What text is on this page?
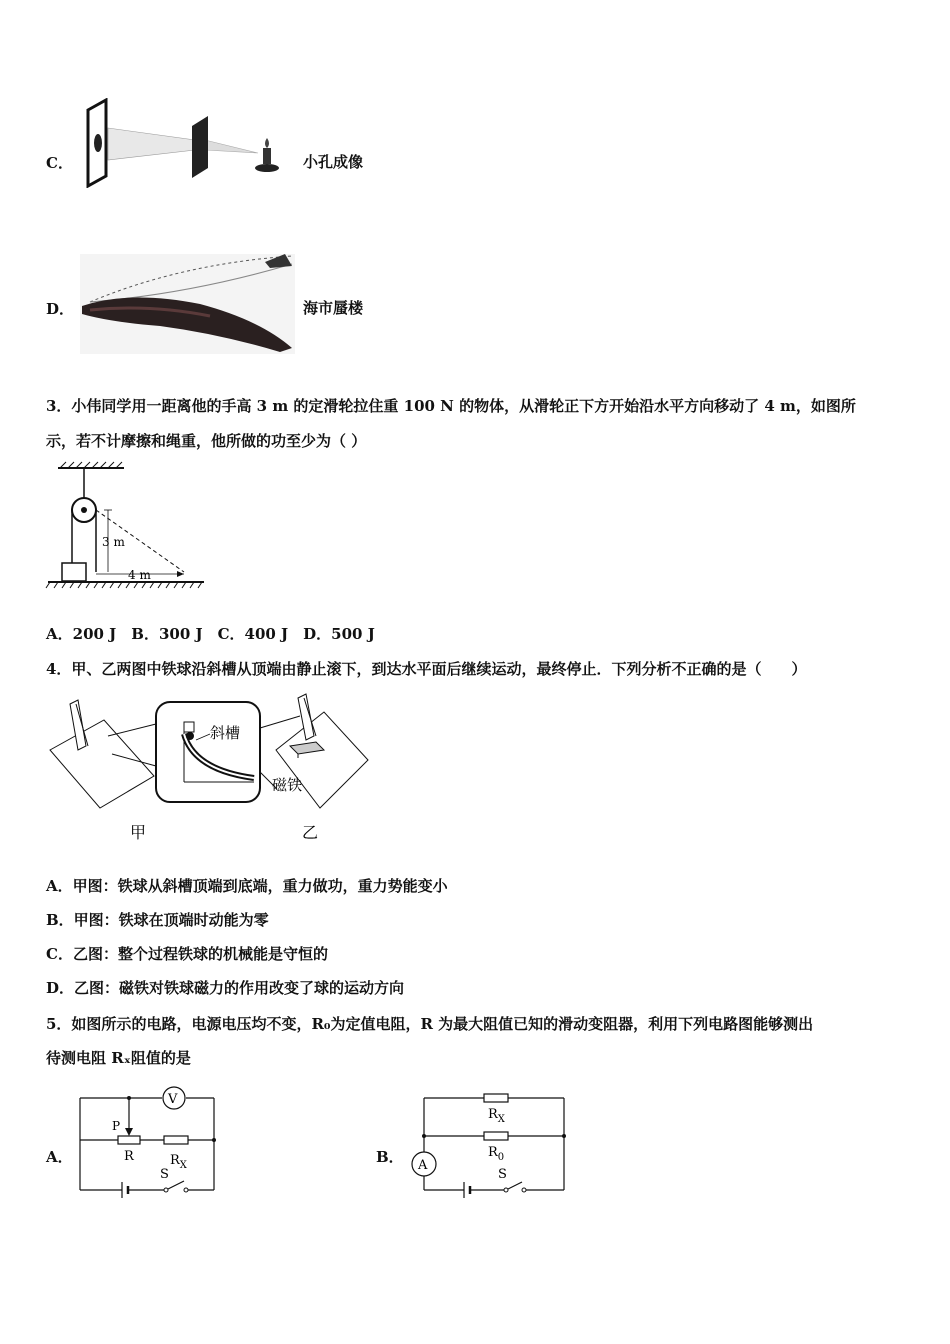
C．	小孔成像
D．	海市蜃楼
3．小伟同学用一距离他的手高 3 m 的定滑轮拉住重 100 N 的物体，从滑轮正下方开始沿水平方向移动了 4 m，如图所
示，若不计摩擦和绳重，他所做的功至少为（ ）
3 m
4 m
A．200 J　B．300 J　C．400 J　D．500 J
4．甲、乙两图中铁球沿斜槽从顶端由静止滚下，到达水平面后继续运动，最终停止．下列分析不正确的是（　　）
斜槽
磁铁
甲	乙
A．甲图：铁球从斜槽顶端到底端，重力做功，重力势能变小
B．甲图：铁球在顶端时动能为零
C．乙图：整个过程铁球的机械能是守恒的
D．乙图：磁铁对铁球磁力的作用改变了球的运动方向
5．如图所示的电路，电源电压均不变，R₀为定值电阻，R 为最大阻值已知的滑动变阻器，利用下列电路图能够测出
待测电阻 Rₓ阻值的是
A．
V
P
R	$R_X$
S
B．
$R_X$
$R_0$
A
S
